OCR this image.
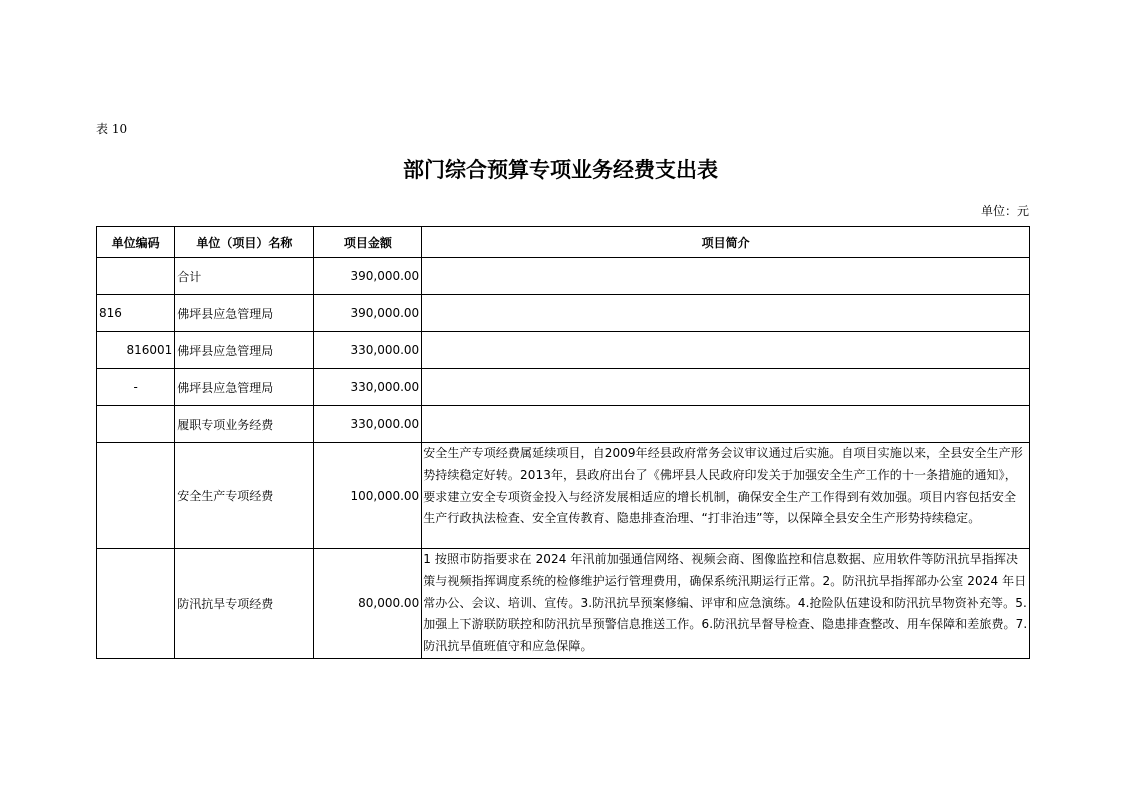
表 10
部门综合预算专项业务经费支出表
单位：元
单位编码	单位（项目）名称	项目金额	项目简介
	合计	390,000.00	
816	佛坪县应急管理局	390,000.00	
816001	佛坪县应急管理局	330,000.00	
-	佛坪县应急管理局	330,000.00	
	履职专项业务经费	330,000.00	
	安全生产专项经费	100,000.00	安全生产专项经费属延续项目，自2009年经县政府常务会议审议通过后实施。自项目实施以来，全县安全生产形势持续稳定好转。2013年，县政府出台了《佛坪县人民政府印发关于加强安全生产工作的十一条措施的通知》，要求建立安全专项资金投入与经济发展相适应的增长机制，确保安全生产工作得到有效加强。项目内容包括安全生产行政执法检查、安全宣传教育、隐患排查治理、“打非治违”等，以保障全县安全生产形势持续稳定。
	防汛抗旱专项经费	80,000.00	1 按照市防指要求在 2024 年汛前加强通信网络、视频会商、图像监控和信息数据、应用软件等防汛抗旱指挥决策与视频指挥调度系统的检修维护运行管理费用，确保系统汛期运行正常。2。防汛抗旱指挥部办公室 2024 年日常办公、会议、培训、宣传。3.防汛抗旱预案修编、评审和应急演练。4.抢险队伍建设和防汛抗旱物资补充等。5.加强上下游联防联控和防汛抗旱预警信息推送工作。6.防汛抗旱督导检查、隐患排查整改、用车保障和差旅费。7.防汛抗旱值班值守和应急保障。
